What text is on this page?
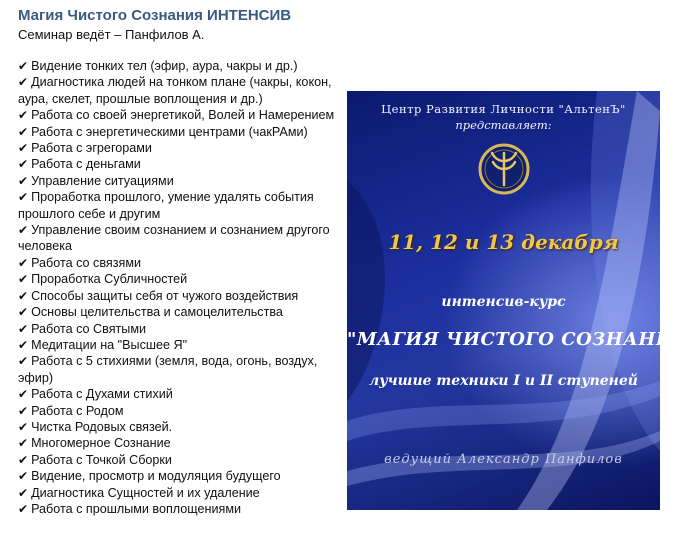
Магия Чистого Сознания ИНТЕНСИВ
Семинар ведёт – Панфилов А.
✔ Видение тонких тел (эфир, аура, чакры и др.)
✔ Диагностика людей на тонком плане (чакры, кокон, аура, скелет, прошлые воплощения и др.)
✔ Работа со своей энергетикой, Волей и Намерением
✔ Работа с энергетическими центрами (чакРАми)
✔ Работа с эгрегорами
✔ Работа с деньгами
✔ Управление ситуациями
✔ Проработка прошлого, умение удалять события прошлого себе и другим
✔ Управление своим сознанием и сознанием другого человека
✔ Работа со связями
✔ Проработка Субличностей
✔ Способы защиты себя от чужого воздействия
✔ Основы целительства и самоцелительства
✔ Работа со Святыми
✔ Медитации на "Высшее Я"
✔ Работа с 5 стихиями (земля, вода, огонь, воздух, эфир)
✔ Работа с Духами стихий
✔ Работа с Родом
✔ Чистка Родовых связей.
✔ Многомерное Сознание
✔ Работа с Точкой Сборки
✔ Видение, просмотр и модуляция будущего
✔ Диагностика Сущностей и их удаление
✔ Работа с прошлыми воплощениями
Центр Развития Личности "АльтенЪ"
представляет:
11, 12 и 13 декабря
интенсив-курс
"МАГИЯ ЧИСТОГО СОЗНАНИЯ"
лучшие техники I и II ступеней
ведущий Александр Панфилов
